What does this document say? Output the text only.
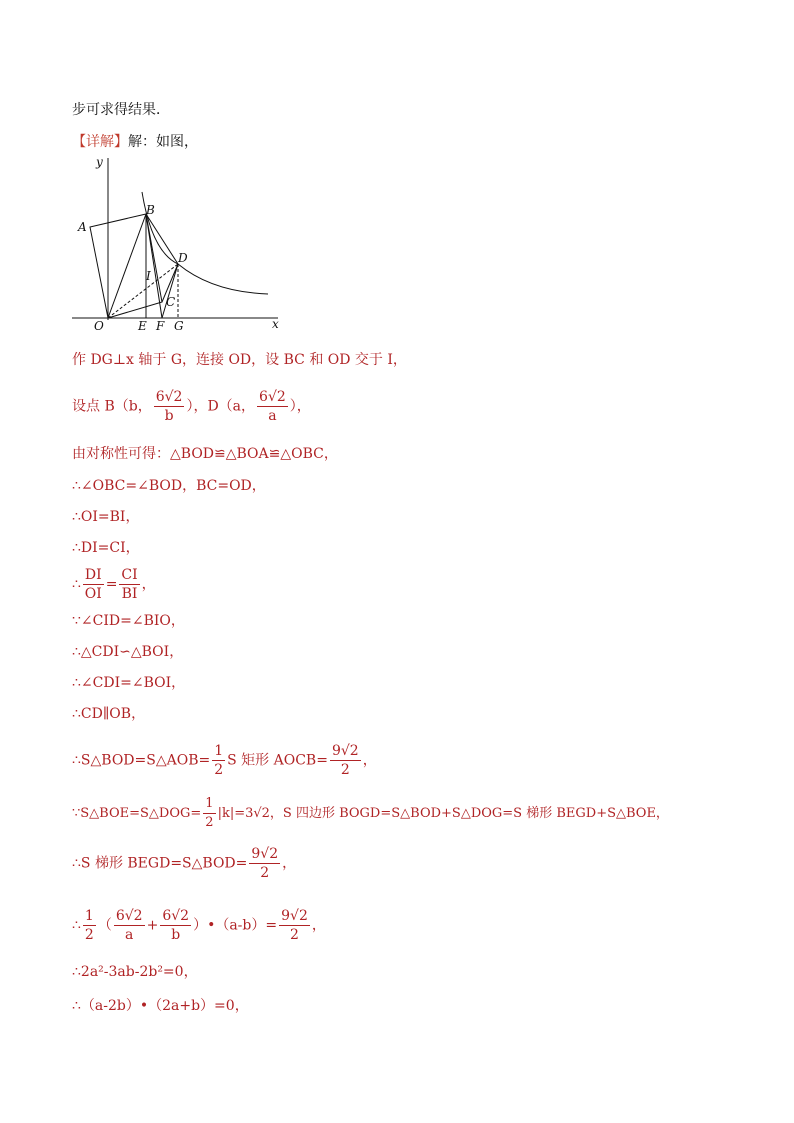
步可求得结果．
【详解】解：如图，
y
x
A
B
D
I
C
O	E F G
作 DG⊥x 轴于 G，连接 OD，设 BC 和 OD 交于 I，
设点 B（b， $\frac{6√2}{b}$ ），D（a， $\frac{6√2}{a}$ ），
由对称性可得：△BOD≌△BOA≌△OBC，
∴∠OBC=∠BOD，BC=OD，
∴OI=BI，
∴DI=CI，
∴ $\frac{DI}{OI} = \frac{CI}{BI}$ ，
∵∠CID=∠BIO，
∴△CDI∽△BOI，
∴∠CDI=∠BOI，
∴CD∥OB，
∴S△BOD=S△AOB= $\frac{1}{2}$ S 矩形 AOCB= $\frac{9√2}{2}$ ，
∵S△BOE=S△DOG= $\frac{1}{2} |k|=3√2$，S 四边形 BOGD=S△BOD+S△DOG=S 梯形 BEGD+S△BOE，
∴S 梯形 BEGD=S△BOD= $\frac{9√2}{2}$ ，
∴ $\frac{1}{2}$ （ $\frac{6√2}{a} + \frac{6√2}{b}$ ）•（a-b）= $\frac{9√2}{2}$ ，
∴2a²-3ab-2b²=0，
∴（a-2b）•（2a+b）=0，
